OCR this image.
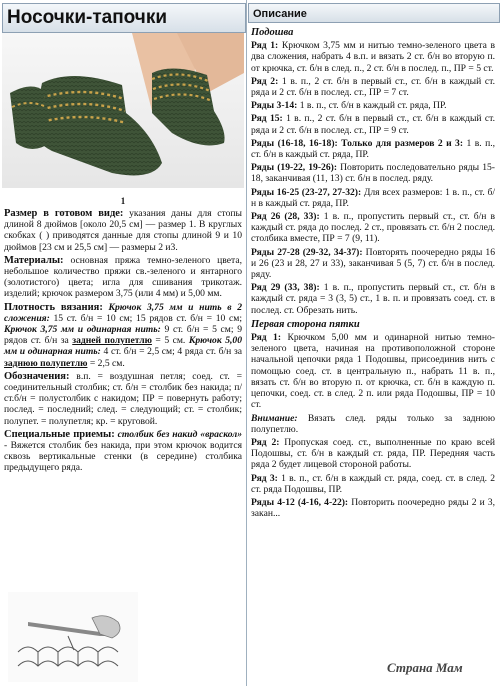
Носочки-тапочки
1

Размер в готовом виде: указания даны для стопы длиной 8 дюймов [около 20,5 см] — размер 1. В круглых скобках ( ) приводятся данные для стопы длиной 9 и 10 дюймов [23 см и 25,5 см] — размеры 2 и3.

Материалы: основная пряжа темно-зеленого цвета, небольшое количество пряжи св.-зеленого и янтарного (золотистого) цвета; игла для сшивания трикотаж. изделий; крючок размером 3,75 (или 4 мм) и 5,00 мм.

Плотность вязания: Крючок 3,75 мм и нить в 2 сложения: 15 ст. б/н = 10 см; 15 рядов ст. б/н = 10 см; Крючок 3,75 мм и одинарная нить: 9 ст. б/н = 5 см; 9 рядов ст. б/н за задней полупетлю = 5 см. Крючок 5,00 мм и одинарная нить: 4 ст. б/н = 2,5 см; 4 ряда ст. б/н за заднюю полупетлю = 2,5 см.

Обозначения: в.п. = воздушная петля; соед. ст. = соединительный столбик; ст. б/н = столбик без накида; п/ст.б/н = полустолбик с накидом; ПР = повернуть работу; послед. = последний; след. = следующий; ст. = столбик; полупет. = полупетля; кр. = круговой.

Специальные приемы: столбик без накид «враскол» - Вяжется столбик без накида, при этом крючок водится сквозь вертикальные стенки (в середине) столбика предыдущего ряда.

Описание
Подошва

Ряд 1: Крючком 3,75 мм и нитью темно-зеленого цвета в два сложения, набрать 4 в.п. и вязать 2 ст. б/н во вторую п. от крючка, ст. б/н в след. п., 2 ст. б/н в послед. п., ПР = 5 ст.

Ряд 2: 1 в. п., 2 ст. б/н в первый ст., ст. б/н в каждый ст. ряда и 2 ст. б/н в послед. ст., ПР = 7 ст.

Ряды 3-14: 1 в. п., ст. б/н в каждый ст. ряда, ПР.

Ряд 15: 1 в. п., 2 ст. б/н в первый ст., ст. б/н в каждый ст. ряда и 2 ст. б/н в послед. ст., ПР = 9 ст.

Ряды (16-18, 16-18): Только для размеров 2 и 3: 1 в. п., ст. б/н в каждый ст. ряда, ПР.

Ряды (19-22, 19-26): Повторить последовательно ряды 15-18, заканчивая (11, 13) ст. б/н в послед. ряду.

Ряды 16-25 (23-27, 27-32): Для всех размеров: 1 в. п., ст. б/н в каждый ст. ряда, ПР.

Ряд 26 (28, 33): 1 в. п., пропустить первый ст., ст. б/н в каждый ст. ряда до послед. 2 ст., провязать ст. б/н 2 послед. столбика вместе, ПР = 7 (9, 11).

Ряды 27-28 (29-32, 34-37): Повторять поочередно ряды 16 и 26 (23 и 28, 27 и 33), заканчивая 5 (5, 7) ст. б/н в послед. ряду.

Ряд 29 (33, 38): 1 в. п., пропустить первый ст., ст. б/н в каждый ст. ряда = 3 (3, 5) ст., 1 в. п. и провязать соед. ст. в послед. ст. Обрезать нить.

Первая сторона пятки

Ряд 1: Крючком 5,00 мм и одинарной нитью темно-зеленого цвета, начиная на противоположной стороне начальной цепочки ряда 1 Подошвы, присоединив нить с помощью соед. ст. в центральную п., набрать 11 в. п., вязать ст. б/н во вторую п. от крючка, ст. б/н в каждую п. цепочки, соед. ст. в след. 2 п. или ряда Подошвы, ПР = 10 ст.

Внимание: Вязать след. ряды только за заднюю полупетлю.

Ряд 2: Пропуская соед. ст., выполненные по краю всей Подошвы, ст. б/н в каждый ст. ряда, ПР. Передняя часть ряда 2 будет лицевой стороной работы.

Ряд 3: 1 в. п., ст. б/н в каждый ст. ряда, соед. ст. в след. 2 ст. ряда Подошвы, ПР.

Ряды 4-12 (4-16, 4-22): Повторить поочередно ряды 2 и 3, закан...

Страна Мам
